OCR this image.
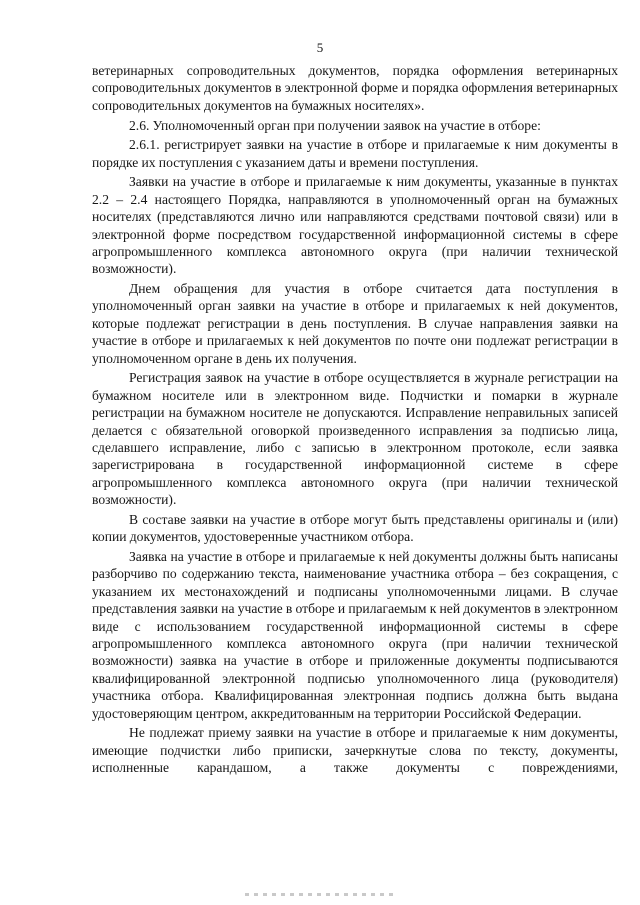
5

ветеринарных сопроводительных документов, порядка оформления ветеринарных сопроводительных документов в электронной форме и порядка оформления ветеринарных сопроводительных документов на бумажных носителях».

2.6. Уполномоченный орган при получении заявок на участие в отборе:

2.6.1. регистрирует заявки на участие в отборе и прилагаемые к ним документы в порядке их поступления с указанием даты и времени поступления.

Заявки на участие в отборе и прилагаемые к ним документы, указанные в пунктах 2.2 – 2.4 настоящего Порядка, направляются в уполномоченный орган на бумажных носителях (представляются лично или направляются средствами почтовой связи) или в электронной форме посредством государственной информационной системы в сфере агропромышленного комплекса автономного округа (при наличии технической возможности).

Днем обращения для участия в отборе считается дата поступления в уполномоченный орган заявки на участие в отборе и прилагаемых к ней документов, которые подлежат регистрации в день поступления. В случае направления заявки на участие в отборе и прилагаемых к ней документов по почте они подлежат регистрации в уполномоченном органе в день их получения.

Регистрация заявок на участие в отборе осуществляется в журнале регистрации на бумажном носителе или в электронном виде. Подчистки и помарки в журнале регистрации на бумажном носителе не допускаются. Исправление неправильных записей делается с обязательной оговоркой произведенного исправления за подписью лица, сделавшего исправление, либо с записью в электронном протоколе, если заявка зарегистрирована в государственной информационной системе в сфере агропромышленного комплекса автономного округа (при наличии технической возможности).

В составе заявки на участие в отборе могут быть представлены оригиналы и (или) копии документов, удостоверенные участником отбора.

Заявка на участие в отборе и прилагаемые к ней документы должны быть написаны разборчиво по содержанию текста, наименование участника отбора – без сокращения, с указанием их местонахождений и подписаны уполномоченными лицами. В случае представления заявки на участие в отборе и прилагаемым к ней документов в электронном виде с использованием государственной информационной системы в сфере агропромышленного комплекса автономного округа (при наличии технической возможности) заявка на участие в отборе и приложенные документы подписываются квалифицированной электронной подписью уполномоченного лица (руководителя) участника отбора. Квалифицированная электронная подпись должна быть выдана удостоверяющим центром, аккредитованным на территории Российской Федерации.

Не подлежат приему заявки на участие в отборе и прилагаемые к ним документы, имеющие подчистки либо приписки, зачеркнутые слова по тексту, документы, исполненные карандашом, а также документы с повреждениями,
